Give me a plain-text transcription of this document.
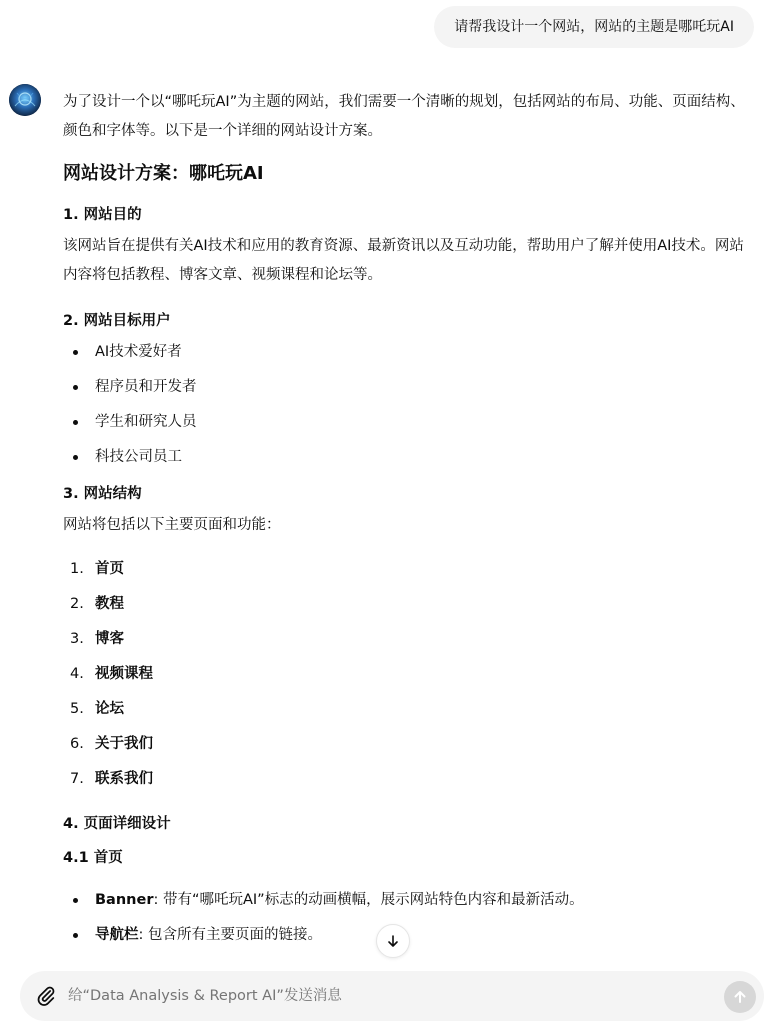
请帮我设计一个网站，网站的主题是哪吒玩AI

为了设计一个以“哪吒玩AI”为主题的网站，我们需要一个清晰的规划，包括网站的布局、功能、页面结构、颜色和字体等。以下是一个详细的网站设计方案。

网站设计方案：哪吒玩AI
1. 网站目的

该网站旨在提供有关AI技术和应用的教育资源、最新资讯以及互动功能，帮助用户了解并使用AI技术。网站内容将包括教程、博客文章、视频课程和论坛等。

2. 网站目标用户
AI技术爱好者
程序员和开发者
学生和研究人员
科技公司员工
3. 网站结构

网站将包括以下主要页面和功能：

1. 首页
2. 教程
3. 博客
4. 视频课程
5. 论坛
6. 关于我们
7. 联系我们
4. 页面详细设计
4.1 首页
Banner: 带有“哪吒玩AI”标志的动画横幅，展示网站特色内容和最新活动。
导航栏: 包含所有主要页面的链接。
给“Data Analysis & Report AI”发送消息
